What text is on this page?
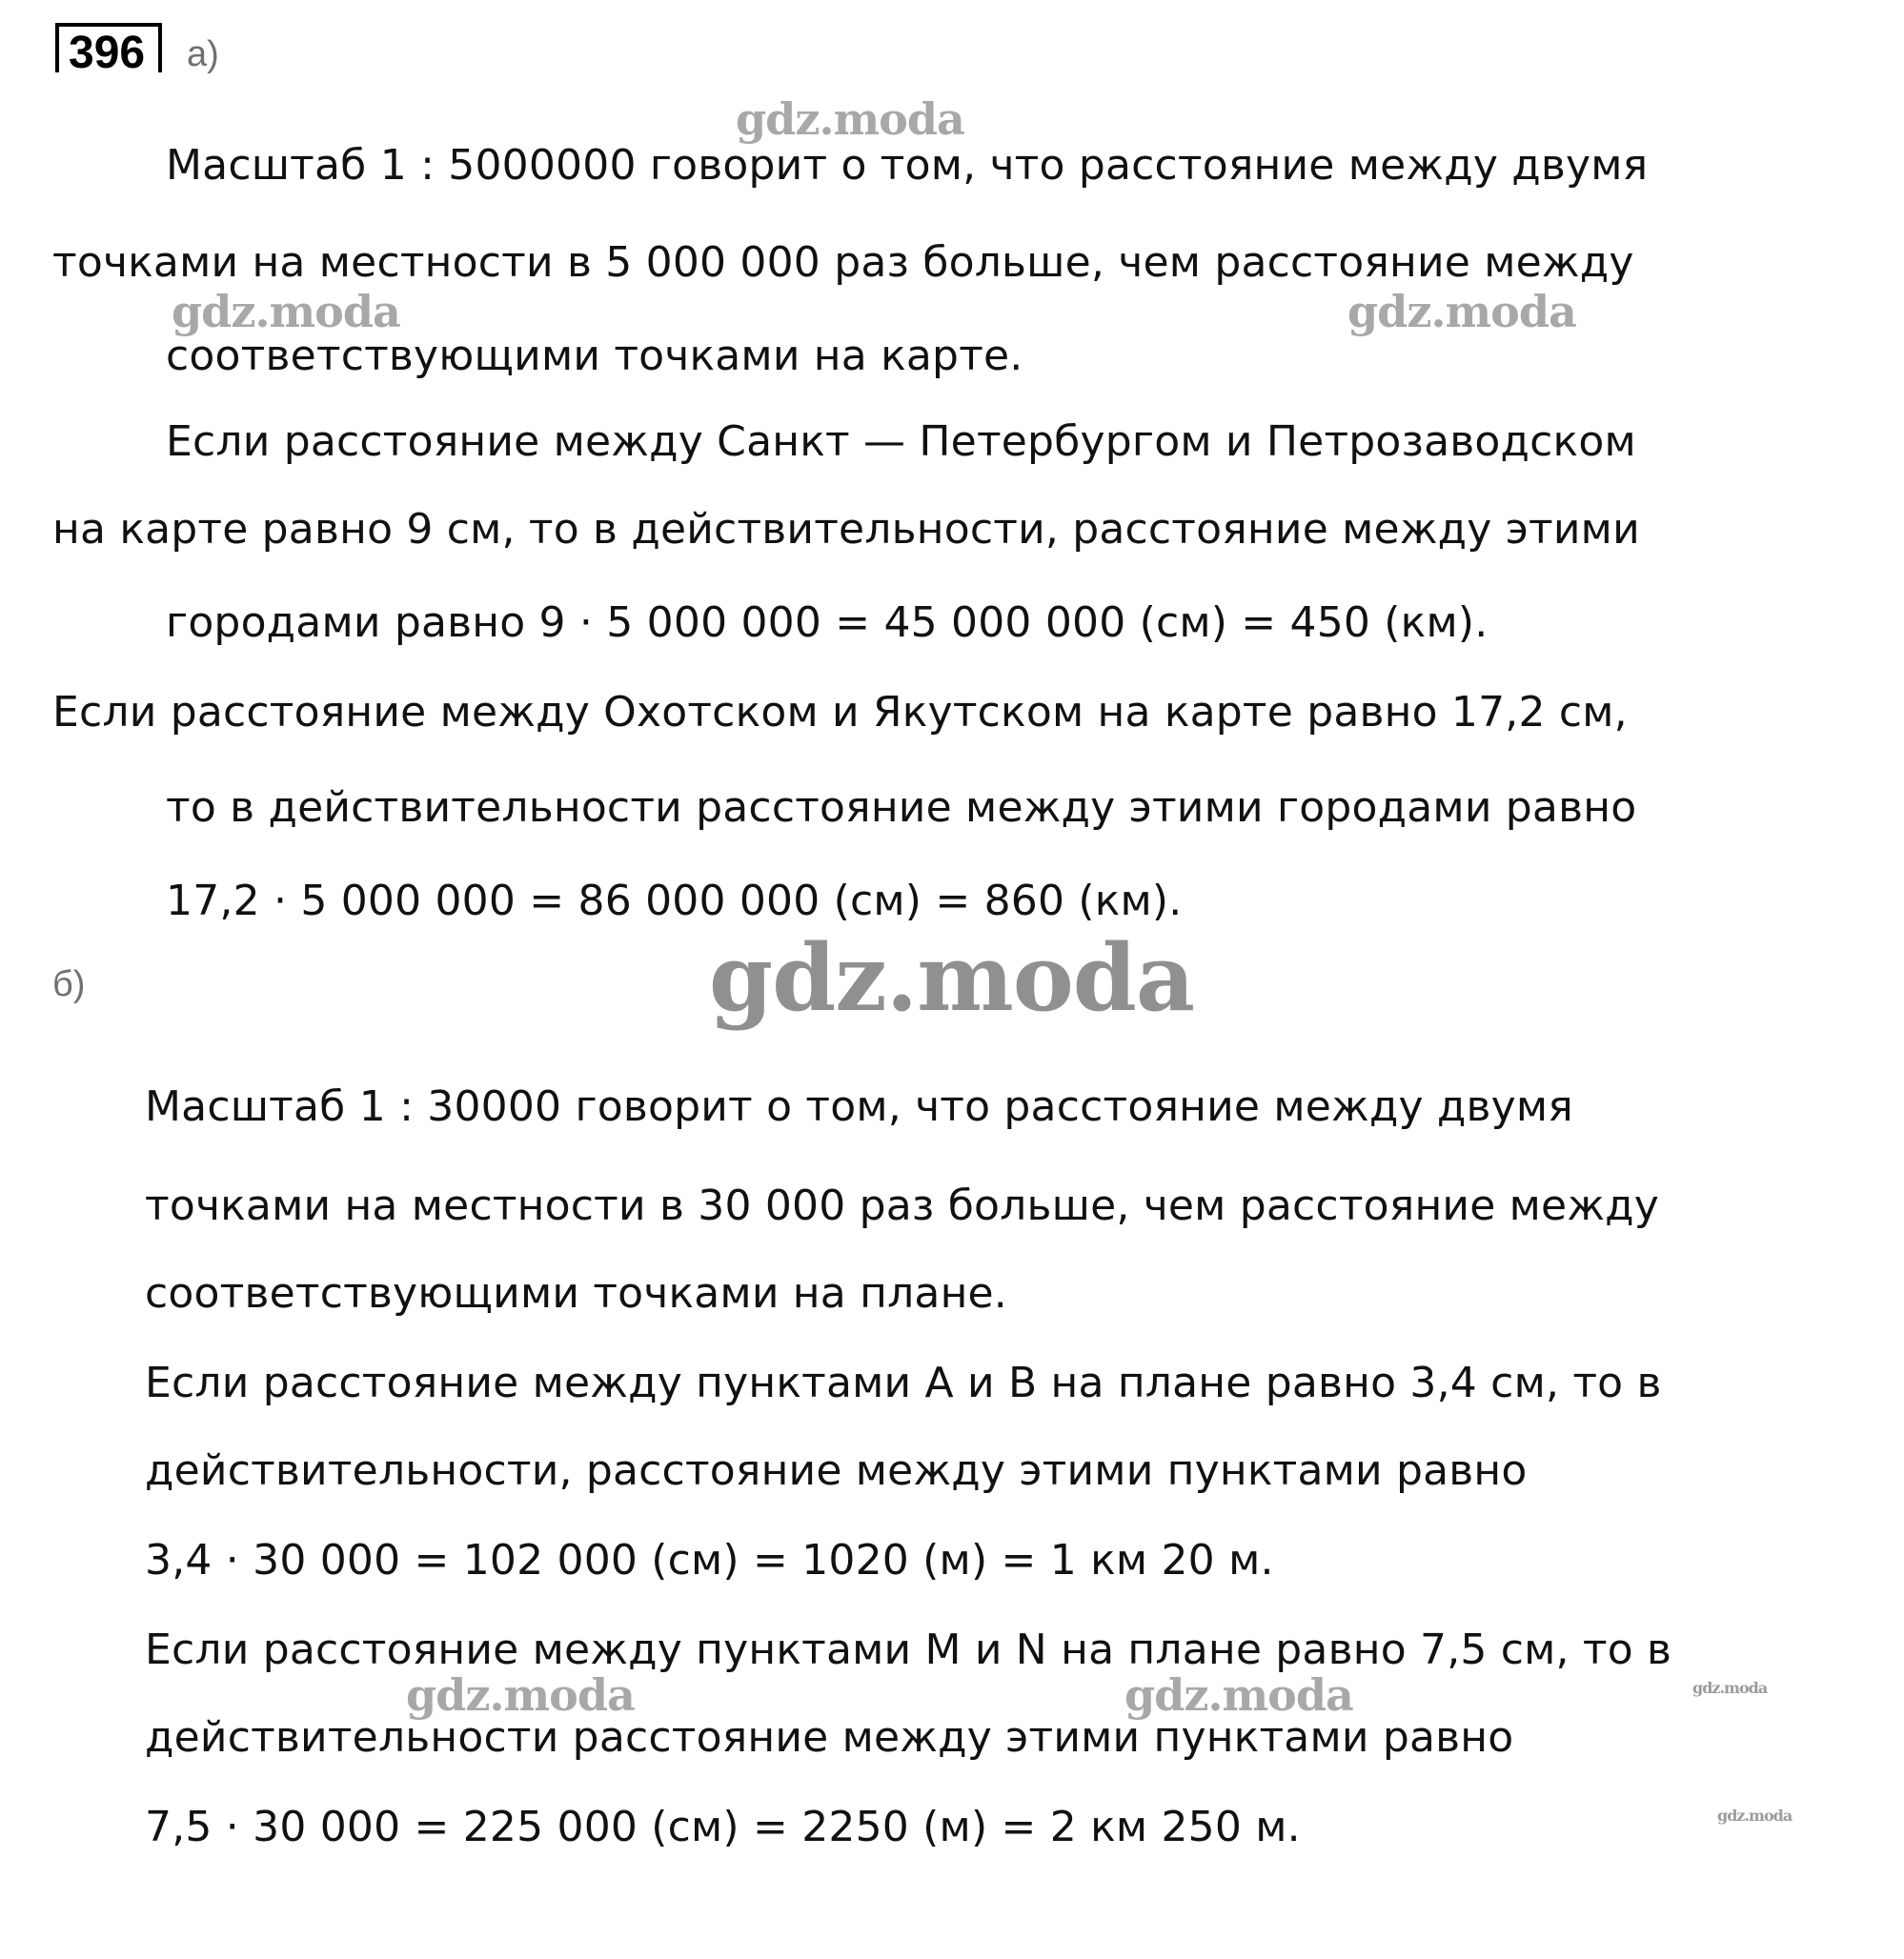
396	а)
Масштаб 1 : 5000000 говорит о том, что расстояние между двумя
точками на местности в 5 000 000 раз больше, чем расстояние между
соответствующими точками на карте.
Если расстояние между Санкт — Петербургом и Петрозаводском
на карте равно 9 см, то в действительности, расстояние между этими
городами равно 9 · 5 000 000 = 45 000 000 (см) = 450 (км).
Если расстояние между Охотском и Якутском на карте равно 17,2 см,
то в действительности расстояние между этими городами равно
17,2 · 5 000 000 = 86 000 000 (см) = 860 (км).
б)
Масштаб 1 : 30000 говорит о том, что расстояние между двумя
точками на местности в 30 000 раз больше, чем расстояние между
соответствующими точками на плане.
Если расстояние между пунктами А и В на плане равно 3,4 см, то в
действительности, расстояние между этими пунктами равно
3,4 · 30 000 = 102 000 (см) = 1020 (м) = 1 км 20 м.
Если расстояние между пунктами M и N на плане равно 7,5 см, то в
действительности расстояние между этими пунктами равно
7,5 · 30 000 = 225 000 (см) = 2250 (м) = 2 км 250 м.
gdz.moda
gdz.moda	gdz.moda
gdz.moda
gdz.moda	gdz.moda	gdz.moda
gdz.moda
